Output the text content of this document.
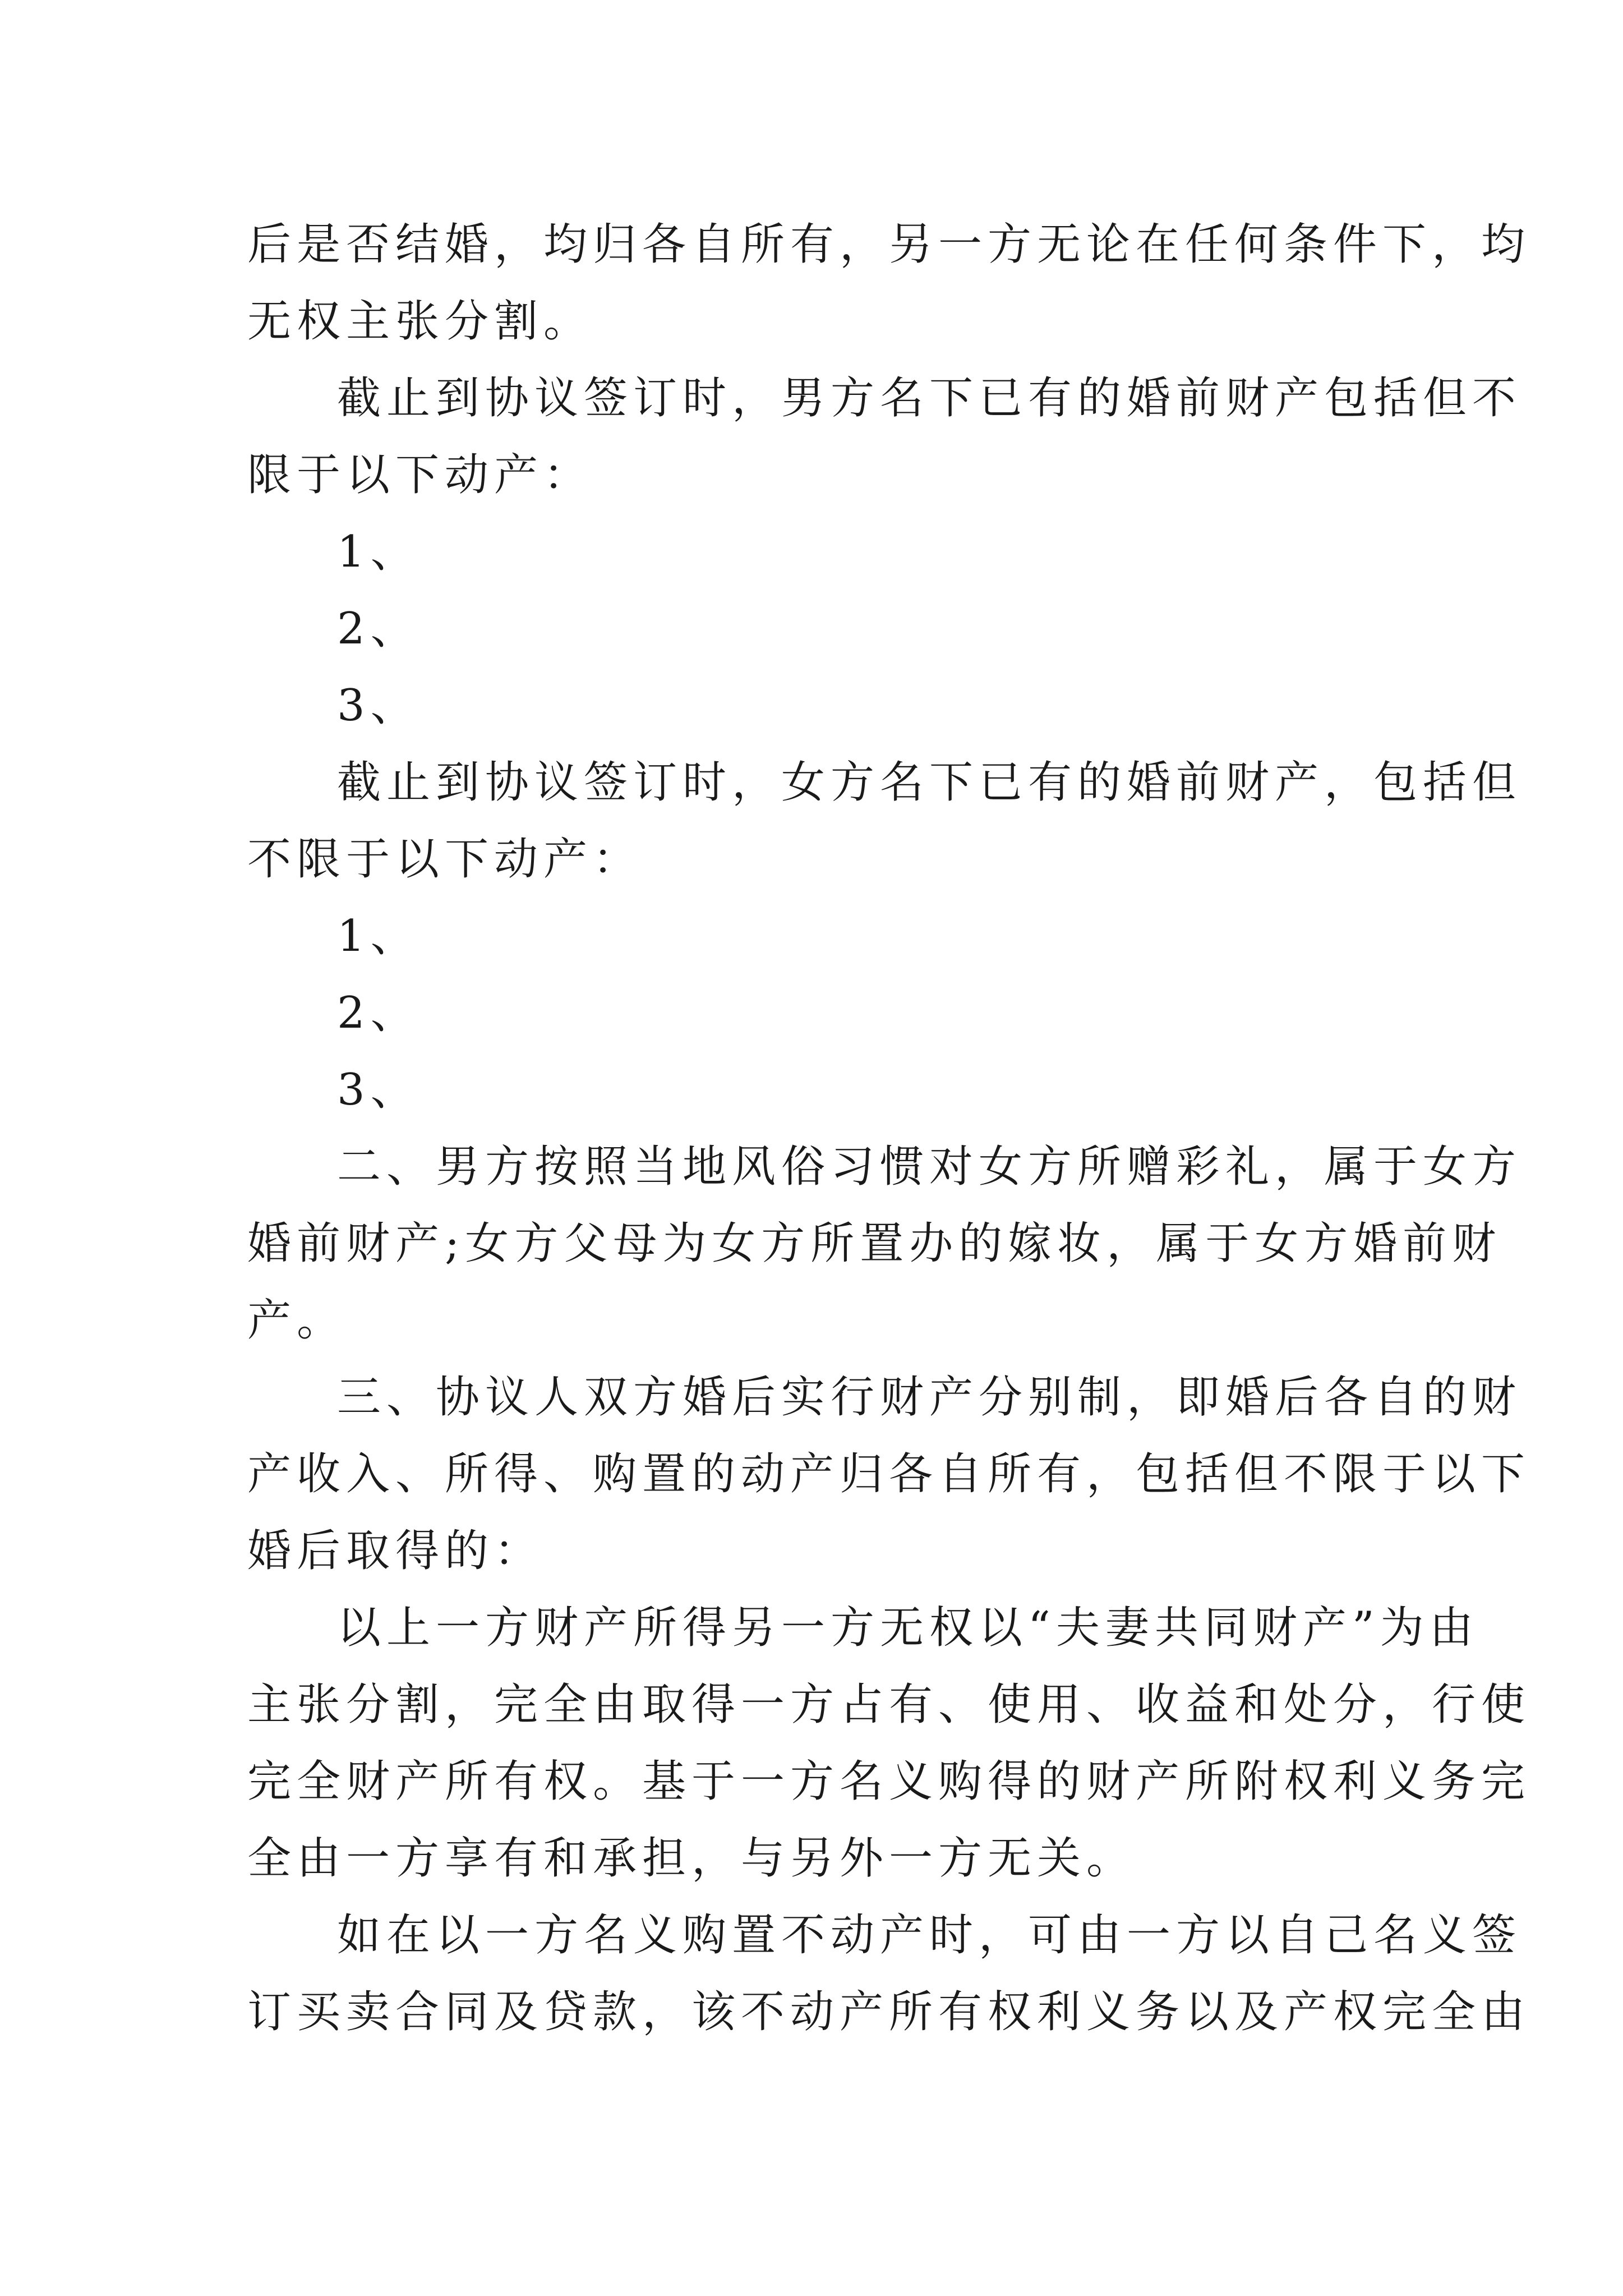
后是否结婚，均归各自所有，另一方无论在任何条件下，均
无权主张分割。
截止到协议签订时，男方名下已有的婚前财产包括但不
限于以下动产：
1、
2、
3、
截止到协议签订时，女方名下已有的婚前财产，包括但
不限于以下动产：
1、
2、
3、
二、男方按照当地风俗习惯对女方所赠彩礼，属于女方
婚前财产;女方父母为女方所置办的嫁妆，属于女方婚前财
产。
三、协议人双方婚后实行财产分别制，即婚后各自的财
产收入、所得、购置的动产归各自所有，包括但不限于以下
婚后取得的：
以上一方财产所得另一方无权以“夫妻共同财产”为由
主张分割，完全由取得一方占有、使用、收益和处分，行使
完全财产所有权。基于一方名义购得的财产所附权利义务完
全由一方享有和承担，与另外一方无关。
如在以一方名义购置不动产时，可由一方以自己名义签
订买卖合同及贷款，该不动产所有权利义务以及产权完全由
